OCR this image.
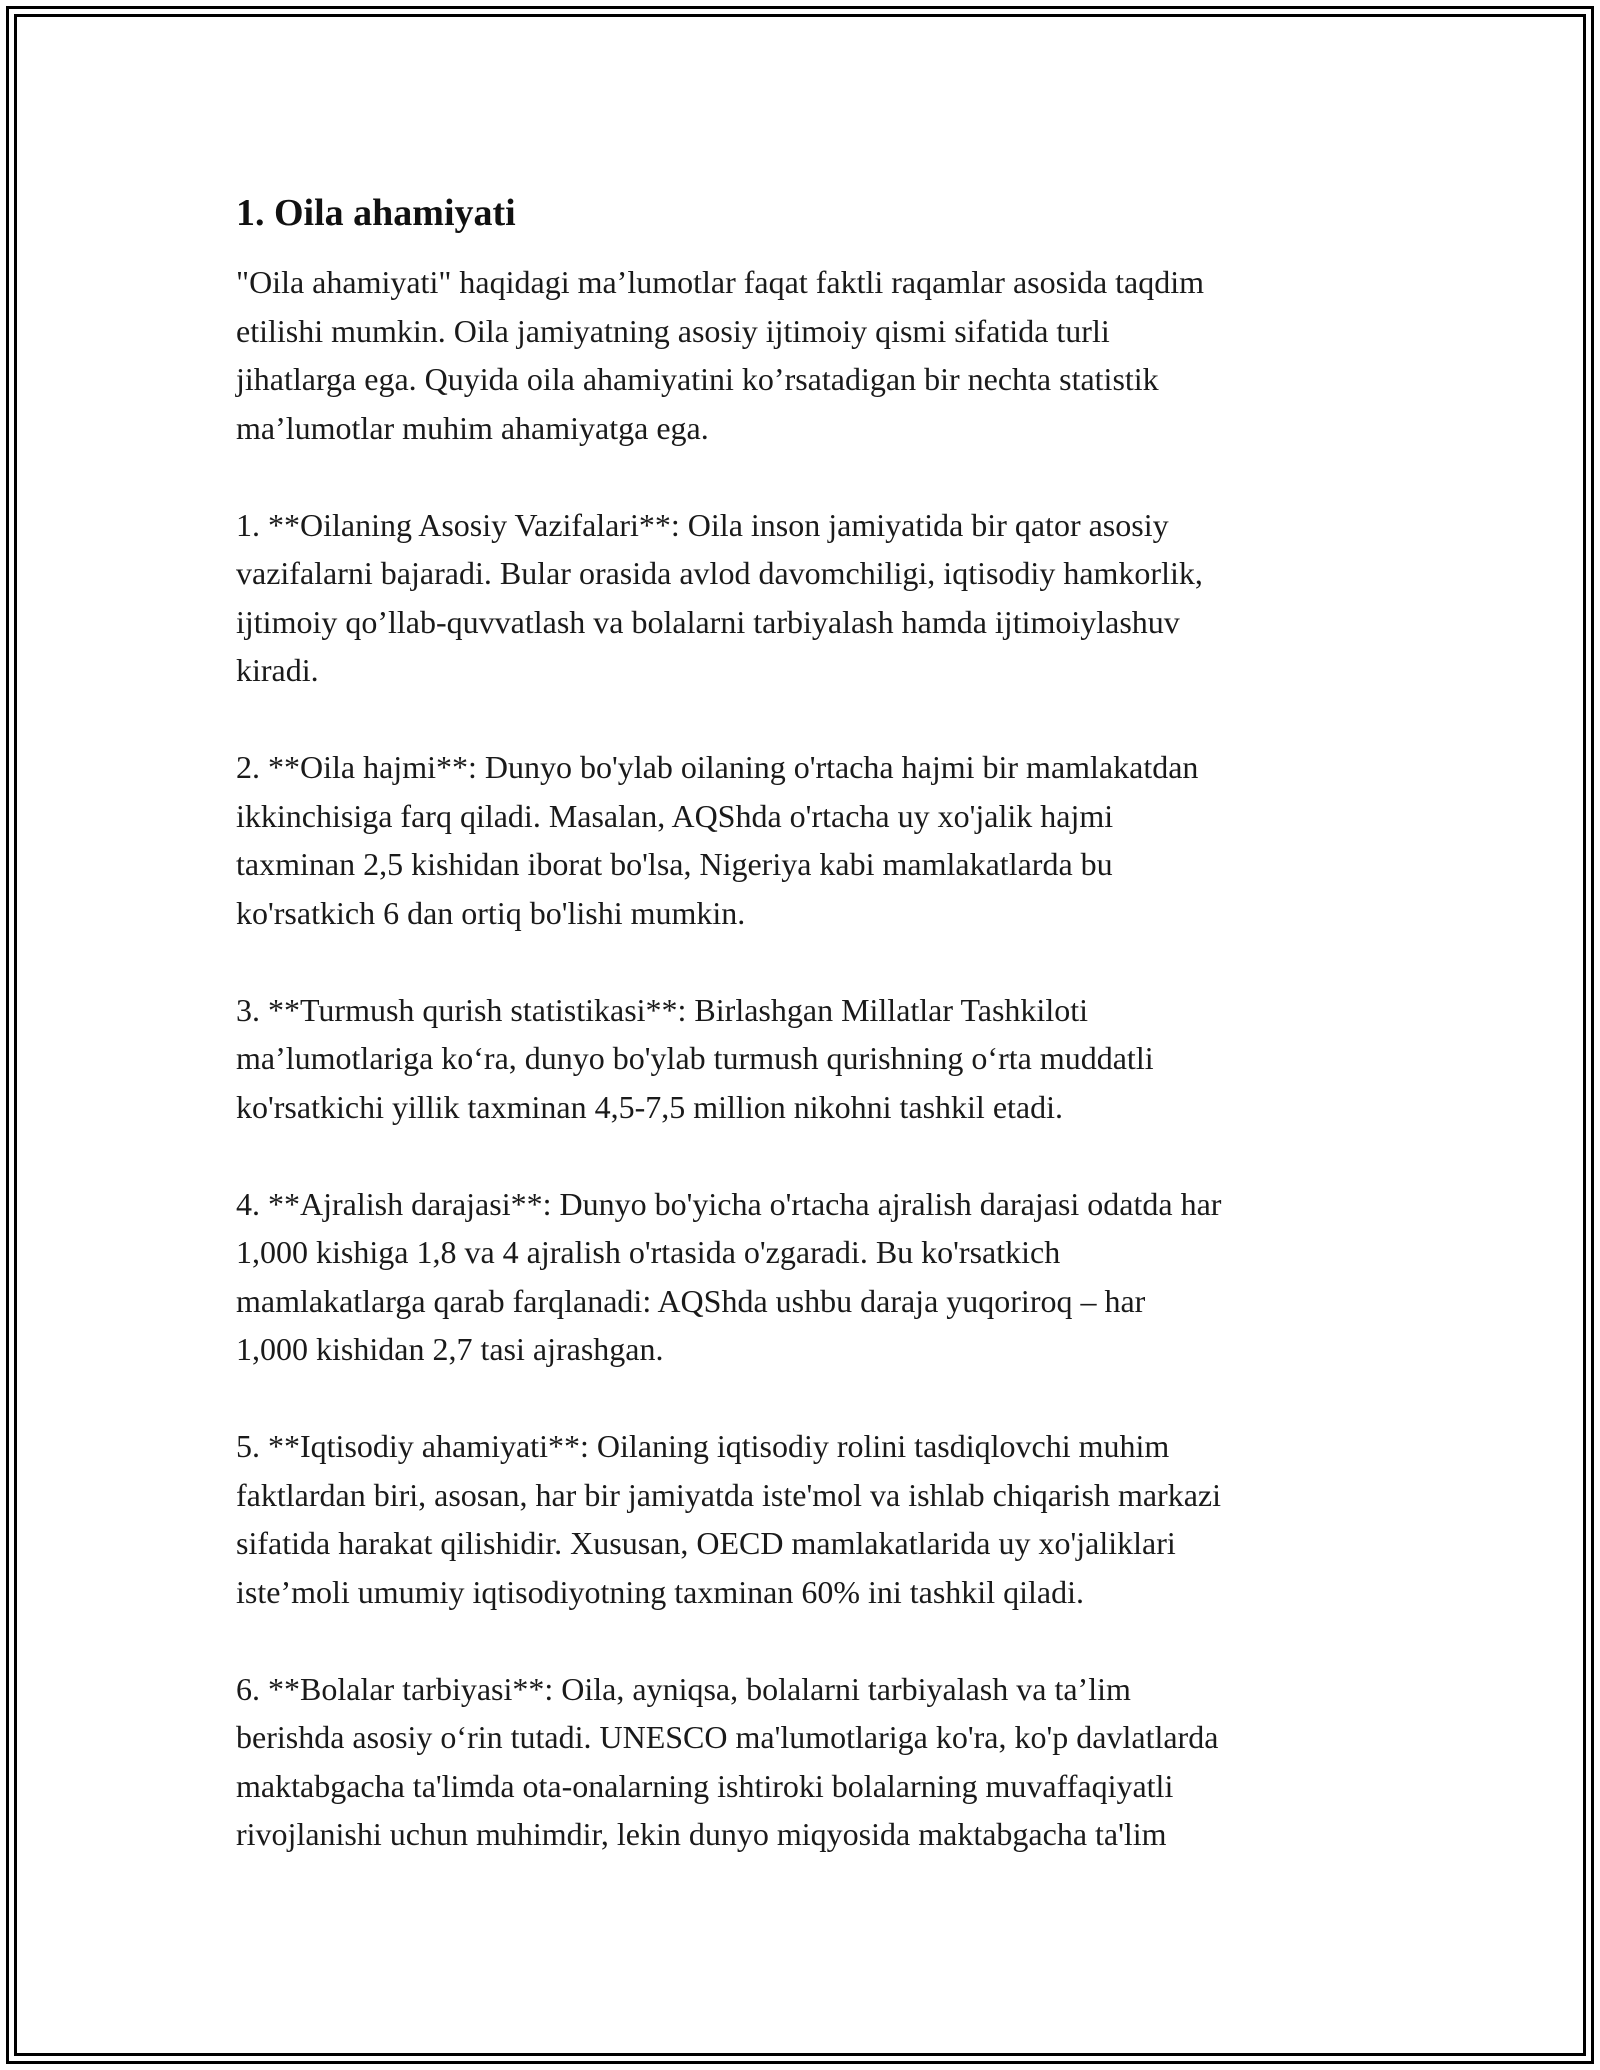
1. Oila ahamiyati

"Oila ahamiyati" haqidagi ma’lumotlar faqat faktli raqamlar asosida taqdim
etilishi mumkin. Oila jamiyatning asosiy ijtimoiy qismi sifatida turli
jihatlarga ega. Quyida oila ahamiyatini ko’rsatadigan bir nechta statistik
ma’lumotlar muhim ahamiyatga ega.

1. **Oilaning Asosiy Vazifalari**: Oila inson jamiyatida bir qator asosiy
vazifalarni bajaradi. Bular orasida avlod davomchiligi, iqtisodiy hamkorlik,
ijtimoiy qo’llab-quvvatlash va bolalarni tarbiyalash hamda ijtimoiylashuv
kiradi.

2. **Oila hajmi**: Dunyo bo'ylab oilaning o'rtacha hajmi bir mamlakatdan
ikkinchisiga farq qiladi. Masalan, AQShda o'rtacha uy xo'jalik hajmi
taxminan 2,5 kishidan iborat bo'lsa, Nigeriya kabi mamlakatlarda bu
ko'rsatkich 6 dan ortiq bo'lishi mumkin.

3. **Turmush qurish statistikasi**: Birlashgan Millatlar Tashkiloti
ma’lumotlariga ko‘ra, dunyo bo'ylab turmush qurishning o‘rta muddatli
ko'rsatkichi yillik taxminan 4,5-7,5 million nikohni tashkil etadi.

4. **Ajralish darajasi**: Dunyo bo'yicha o'rtacha ajralish darajasi odatda har
1,000 kishiga 1,8 va 4 ajralish o'rtasida o'zgaradi. Bu ko'rsatkich
mamlakatlarga qarab farqlanadi: AQShda ushbu daraja yuqoriroq – har
1,000 kishidan 2,7 tasi ajrashgan.

5. **Iqtisodiy ahamiyati**: Oilaning iqtisodiy rolini tasdiqlovchi muhim
faktlardan biri, asosan, har bir jamiyatda iste'mol va ishlab chiqarish markazi
sifatida harakat qilishidir. Xususan, OECD mamlakatlarida uy xo'jaliklari
iste’moli umumiy iqtisodiyotning taxminan 60% ini tashkil qiladi.

6. **Bolalar tarbiyasi**: Oila, ayniqsa, bolalarni tarbiyalash va ta’lim
berishda asosiy o‘rin tutadi. UNESCO ma'lumotlariga ko'ra, ko'p davlatlarda
maktabgacha ta'limda ota-onalarning ishtiroki bolalarning muvaffaqiyatli
rivojlanishi uchun muhimdir, lekin dunyo miqyosida maktabgacha ta'lim
